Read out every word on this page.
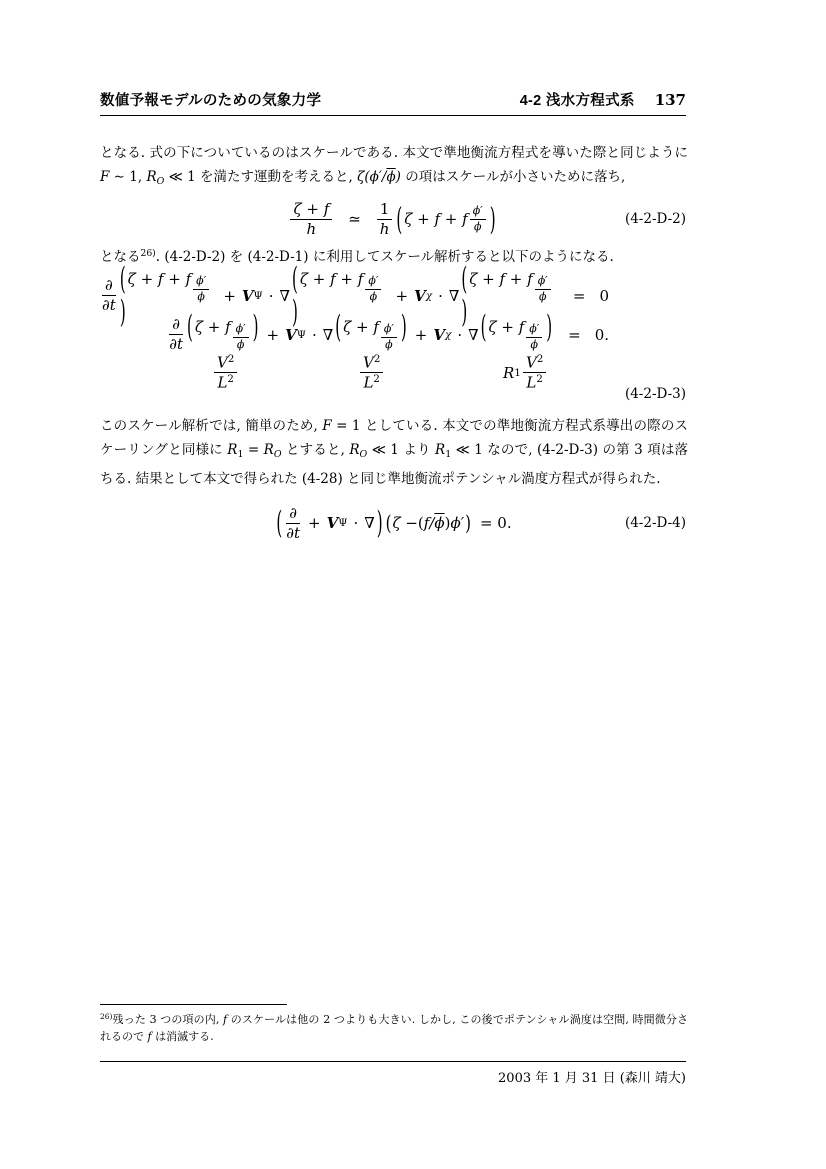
数値予報モデルのための気象力学	4-2 浅水方程式系 137

となる. 式の下についているのはスケールである. 本文で準地衡流方程式を導いた際と同じように F ∼ 1, $R_O$ ≪ 1 を満たす運動を考えると, $\zeta(\phi'/\overline{\phi})$ の項はスケールが小さいために落ち,

$\frac{\zeta + f}{h}$ ≃ $\frac{1}{h}$ ( ζ + f + f $\frac{\phi'}{\phi}$ )	(4-2-D-2)

となる$^{26)}$. (4-2-D-2) を (4-2-D-1) に利用してスケール解析すると以下のようになる.

$\frac{\partial}{\partial t}$ ( ζ + f + f $\frac{\phi'}{\phi}$
)	+ V Ψ · ∇ ( ζ + f + f $\frac{\phi'}{\phi}$
)	+ V χ · ∇ ( ζ + f + f $\frac{\phi'}{\phi}$
)	= 0
$\frac{\partial}{\partial t}$ ( ζ + f $\frac{\phi'}{\phi}$ ) + V Ψ · ∇ ( ζ + f $\frac{\phi'}{\phi}$ ) + V χ · ∇ ( ζ + f $\frac{\phi'}{\phi}$ ) = 0.
$\frac{V^2}{L^2}$	$\frac{V^2}{L^2}$	R $1 \frac{V^2}{L^2}$
(4-2-D-3)

このスケール解析では, 簡単のため, F = 1 としている. 本文での準地衡流方程式系導出の際のスケーリングと同様に $R_1 = R_O$ とすると, $R_O$ ≪ 1 より $R_1$ ≪ 1 なので, (4-2-D-3) の第 3 項は落ちる. 結果として本文で得られた (4-28) と同じ準地衡流ポテンシャル渦度方程式が得られた.

( $\frac{\partial}{\partial t} + V$ Ψ · ∇ ) ( ζ − ( f/ $\overline{\phi}$ ) ϕ′ ) = 0.	(4-2-D-4)

$^{26)}$残った 3 つの項の内, f のスケールは他の 2 つよりも大きい. しかし, この後でポテンシャル渦度は空間, 時間微分されるので f は消滅する.

2003 年 1 月 31 日 (森川 靖大)
